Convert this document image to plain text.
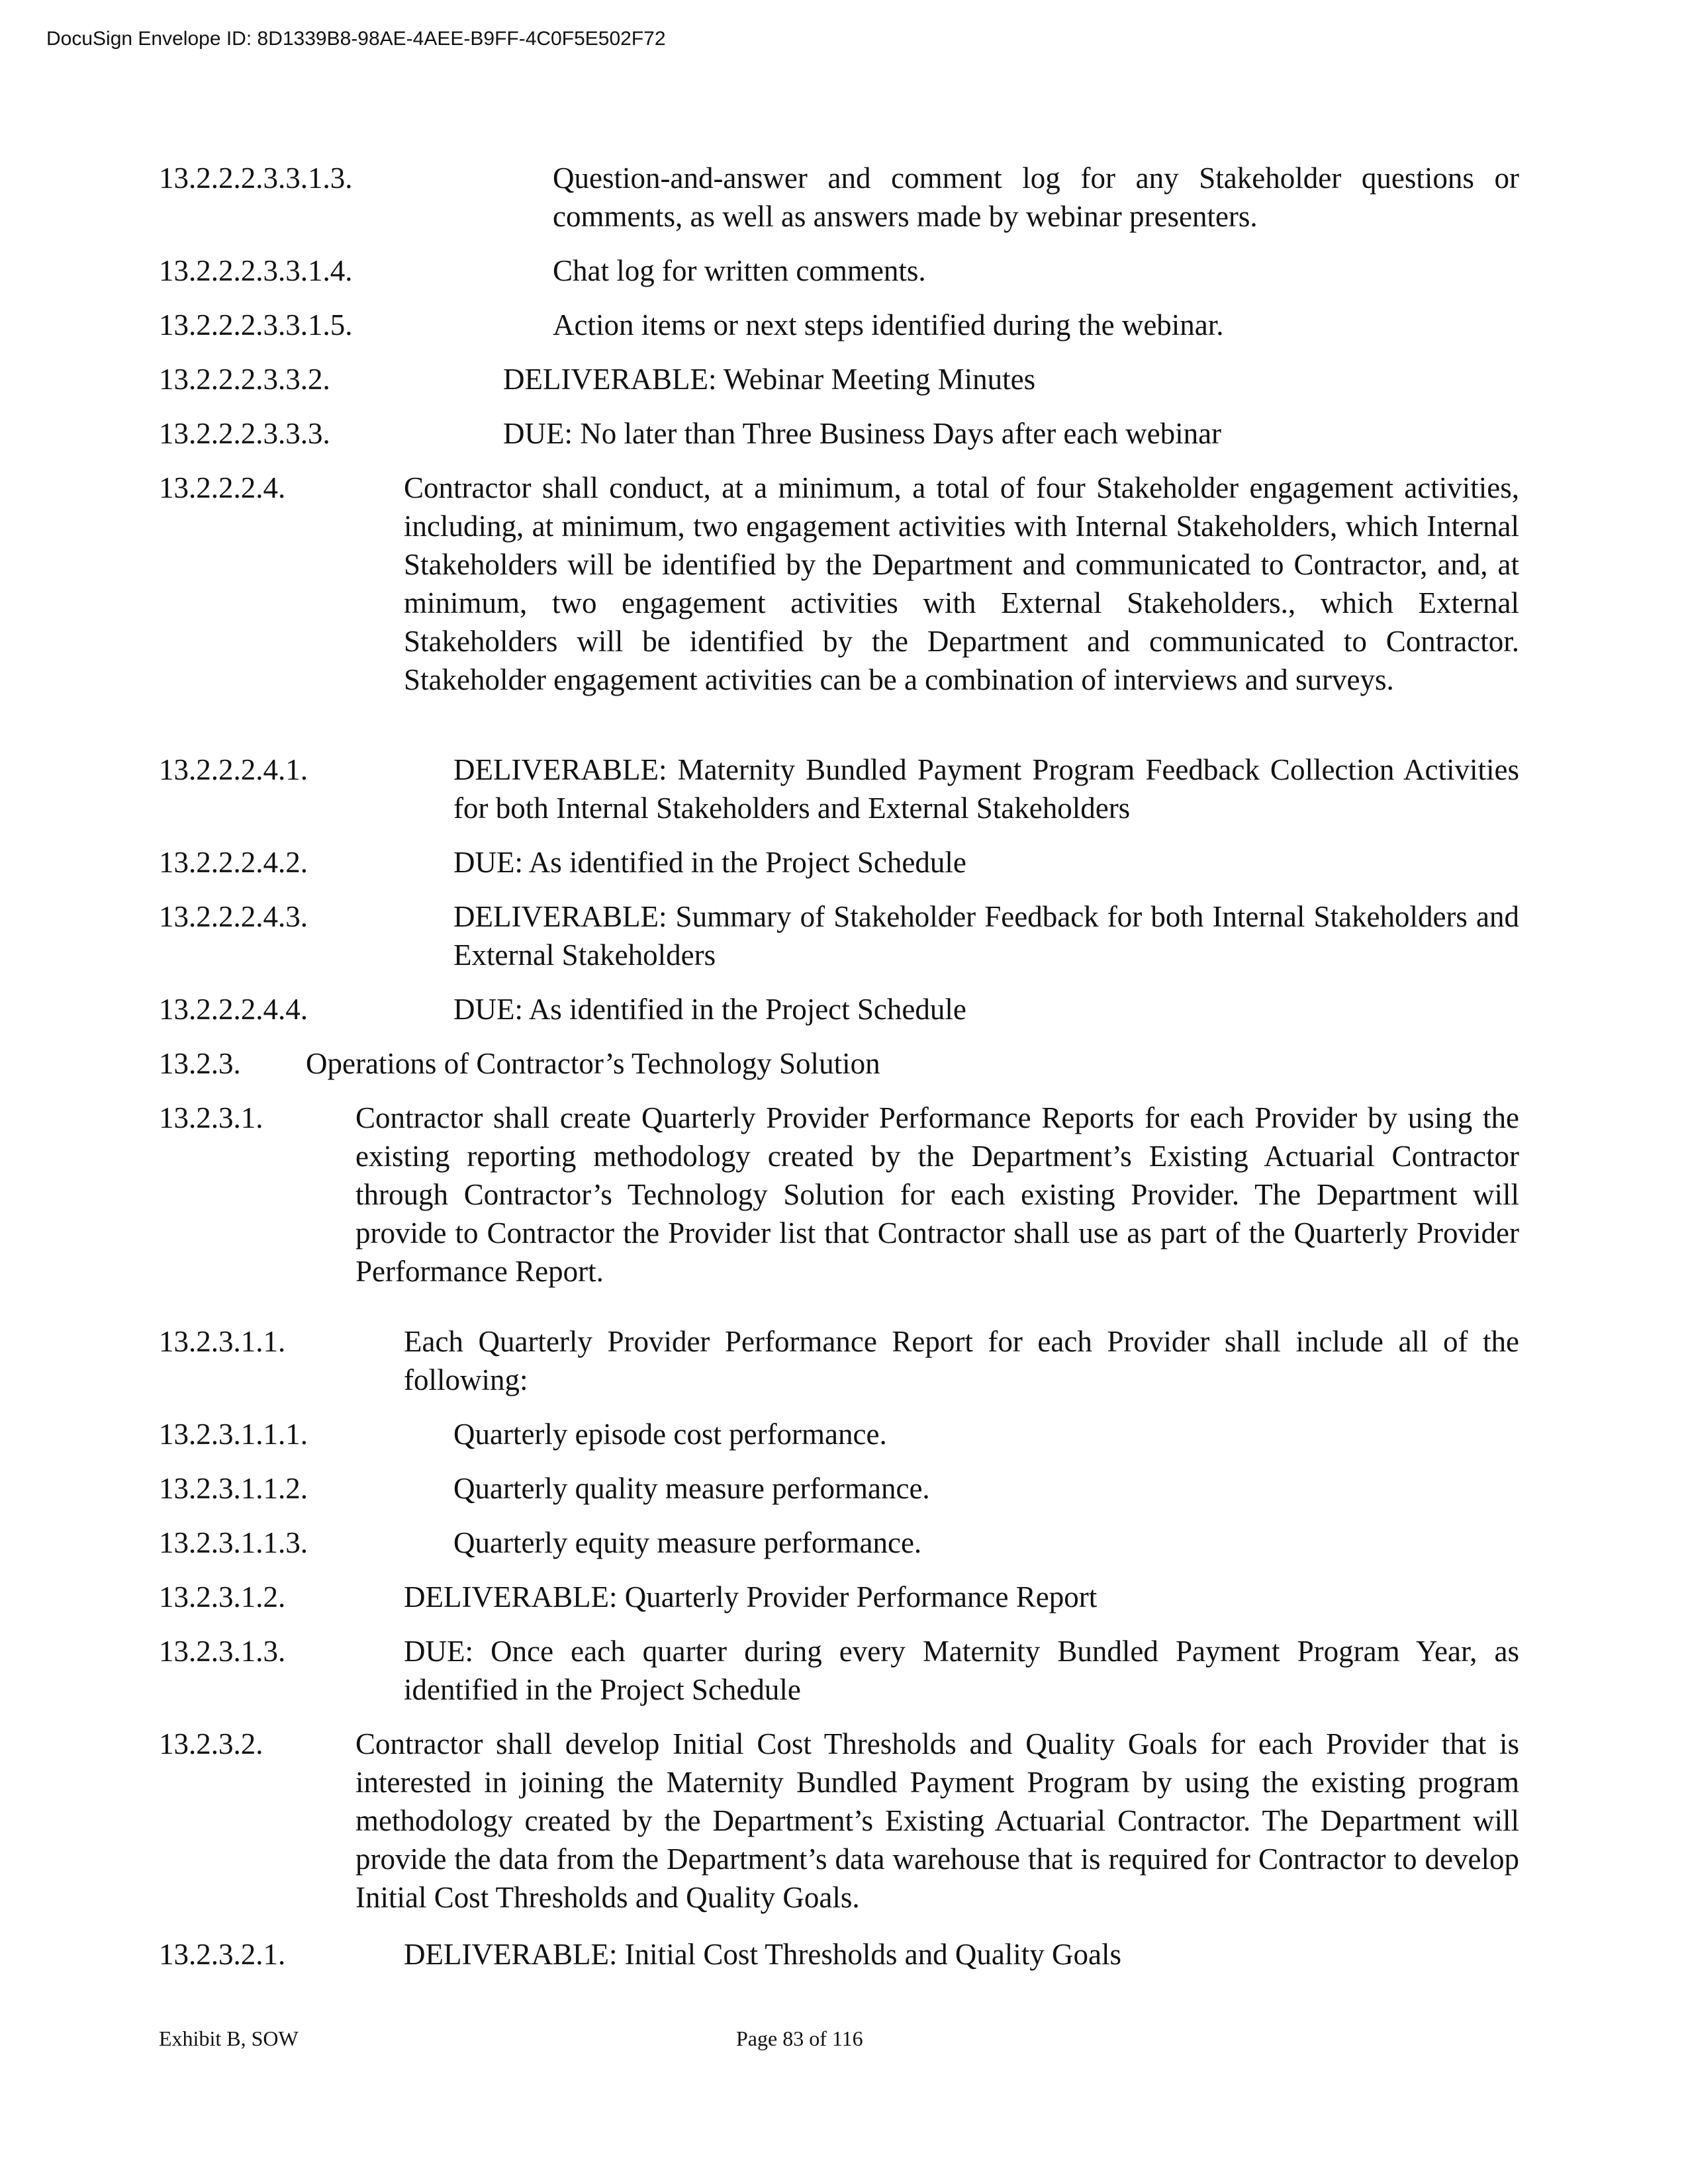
DocuSign Envelope ID: 8D1339B8-98AE-4AEE-B9FF-4C0F5E502F72
13.2.2.2.3.3.1.3.	Question-and-answer and comment log for any Stakeholder questions or comments, as well as answers made by webinar presenters.
13.2.2.2.3.3.1.4.	Chat log for written comments.
13.2.2.2.3.3.1.5.	Action items or next steps identified during the webinar.
13.2.2.2.3.3.2.	DELIVERABLE: Webinar Meeting Minutes
13.2.2.2.3.3.3.	DUE: No later than Three Business Days after each webinar
13.2.2.2.4.	Contractor shall conduct, at a minimum, a total of four Stakeholder engagement activities, including, at minimum, two engagement activities with Internal Stakeholders, which Internal Stakeholders will be identified by the Department and communicated to Contractor, and, at minimum, two engagement activities with External Stakeholders., which External Stakeholders will be identified by the Department and communicated to Contractor. Stakeholder engagement activities can be a combination of interviews and surveys.
13.2.2.2.4.1.	DELIVERABLE: Maternity Bundled Payment Program Feedback Collection Activities for both Internal Stakeholders and External Stakeholders
13.2.2.2.4.2.	DUE: As identified in the Project Schedule
13.2.2.2.4.3.	DELIVERABLE: Summary of Stakeholder Feedback for both Internal Stakeholders and External Stakeholders
13.2.2.2.4.4.	DUE: As identified in the Project Schedule
13.2.3. Operations of Contractor’s Technology Solution
13.2.3.1.	Contractor shall create Quarterly Provider Performance Reports for each Provider by using the existing reporting methodology created by the Department’s Existing Actuarial Contractor through Contractor’s Technology Solution for each existing Provider. The Department will provide to Contractor the Provider list that Contractor shall use as part of the Quarterly Provider Performance Report.
13.2.3.1.1.	Each Quarterly Provider Performance Report for each Provider shall include all of the following:
13.2.3.1.1.1.	Quarterly episode cost performance.
13.2.3.1.1.2.	Quarterly quality measure performance.
13.2.3.1.1.3.	Quarterly equity measure performance.
13.2.3.1.2.	DELIVERABLE: Quarterly Provider Performance Report
13.2.3.1.3.	DUE: Once each quarter during every Maternity Bundled Payment Program Year, as identified in the Project Schedule
13.2.3.2.	Contractor shall develop Initial Cost Thresholds and Quality Goals for each Provider that is interested in joining the Maternity Bundled Payment Program by using the existing program methodology created by the Department’s Existing Actuarial Contractor. The Department will provide the data from the Department’s data warehouse that is required for Contractor to develop Initial Cost Thresholds and Quality Goals.
13.2.3.2.1.	DELIVERABLE: Initial Cost Thresholds and Quality Goals
Exhibit B, SOW	Page 83 of 116
